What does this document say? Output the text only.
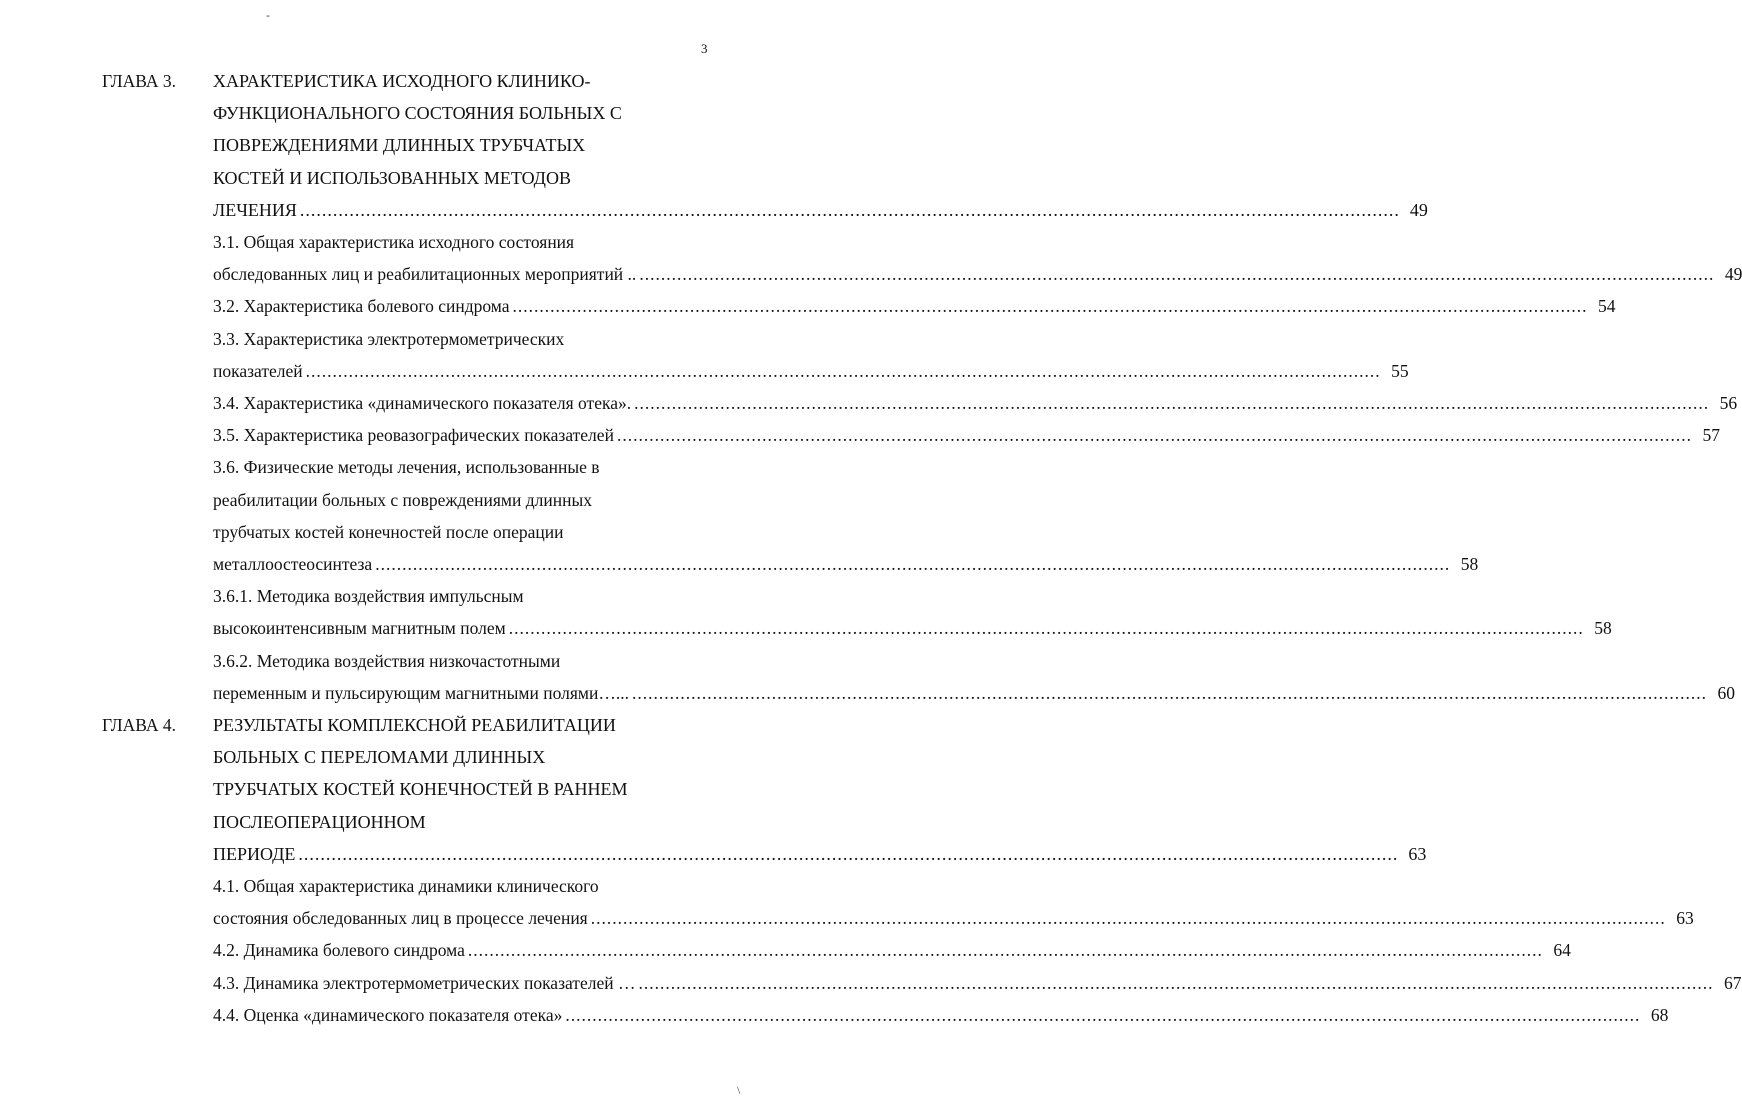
3
-
\
ГЛАВА 3. ХАРАКТЕРИСТИКА ИСХОДНОГО КЛИНИКО-
ФУНКЦИОНАЛЬНОГО СОСТОЯНИЯ БОЛЬНЫХ С
ПОВРЕЖДЕНИЯМИ ДЛИННЫХ ТРУБЧАТЫХ
КОСТЕЙ И ИСПОЛЬЗОВАННЫХ МЕТОДОВ
ЛЕЧЕНИЯ ........................................................................................................................................................................................................ 49
3.1. Общая характеристика исходного состояния
обследованных лиц и реабилитационных мероприятий .. ........................................................................................................................................................................................................ 49
3.2. Характеристика болевого синдрома ........................................................................................................................................................................................................ 54
3.3. Характеристика электротермометрических
показателей ........................................................................................................................................................................................................ 55
3.4. Характеристика «динамического показателя отека». ........................................................................................................................................................................................................ 56
3.5. Характеристика реовазографических показателей ........................................................................................................................................................................................................ 57
3.6. Физические методы лечения, использованные в
реабилитации больных с повреждениями длинных
трубчатых костей конечностей после операции
металлоостеосинтеза ........................................................................................................................................................................................................ 58
3.6.1. Методика воздействия импульсным
высокоинтенсивным магнитным полем ........................................................................................................................................................................................................ 58
3.6.2. Методика воздействия низкочастотными
переменным и пульсирующим магнитными полями…... ........................................................................................................................................................................................................ 60
ГЛАВА 4. РЕЗУЛЬТАТЫ КОМПЛЕКСНОЙ РЕАБИЛИТАЦИИ
БОЛЬНЫХ С ПЕРЕЛОМАМИ ДЛИННЫХ
ТРУБЧАТЫХ КОСТЕЙ КОНЕЧНОСТЕЙ В РАННЕМ
ПОСЛЕОПЕРАЦИОННОМ
ПЕРИОДЕ ........................................................................................................................................................................................................ 63
4.1. Общая характеристика динамики клинического
состояния обследованных лиц в процессе лечения ........................................................................................................................................................................................................ 63
4.2. Динамика болевого синдрома ........................................................................................................................................................................................................ 64
4.3. Динамика электротермометрических показателей … ........................................................................................................................................................................................................ 67
4.4. Оценка «динамического показателя отека» ........................................................................................................................................................................................................ 68
